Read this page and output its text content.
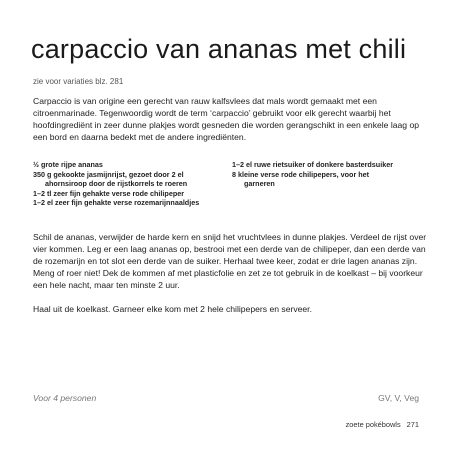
carpaccio van ananas met chili
zie voor variaties blz. 281
Carpaccio is van origine een gerecht van rauw kalfsvlees dat mals wordt gemaakt met een citroenmarinade. Tegenwoordig wordt de term ‘carpaccio’ gebruikt voor elk gerecht waarbij het hoofdingrediënt in zeer dunne plakjes wordt gesneden die worden gerangschikt in een enkele laag op een bord en daarna bedekt met de andere ingrediënten.
½ grote rijpe ananas
350 g gekookte jasmijnrijst, gezoet door 2 el
ahornsiroop door de rijstkorrels te roeren
1–2 tl zeer fijn gehakte verse rode chilipeper
1–2 el zeer fijn gehakte verse rozemarijnnaaldjes
1–2 el ruwe rietsuiker of donkere basterdsuiker
8 kleine verse rode chilipepers, voor het
garneren

Schil de ananas, verwijder de harde kern en snijd het vruchtvlees in dunne plakjes. Verdeel de rijst over vier kommen. Leg er een laag ananas op, bestrooi met een derde van de chilipeper, dan een derde van de rozemarijn en tot slot een derde van de suiker. Herhaal twee keer, zodat er drie lagen ananas zijn. Meng of roer niet! Dek de kommen af met plasticfolie en zet ze tot gebruik in de koelkast – bij voorkeur een hele nacht, maar ten minste 2 uur.

Haal uit de koelkast. Garneer elke kom met 2 hele chilipepers en serveer.

Voor 4 personen	GV, V, Veg
zoete pokébowls 271
